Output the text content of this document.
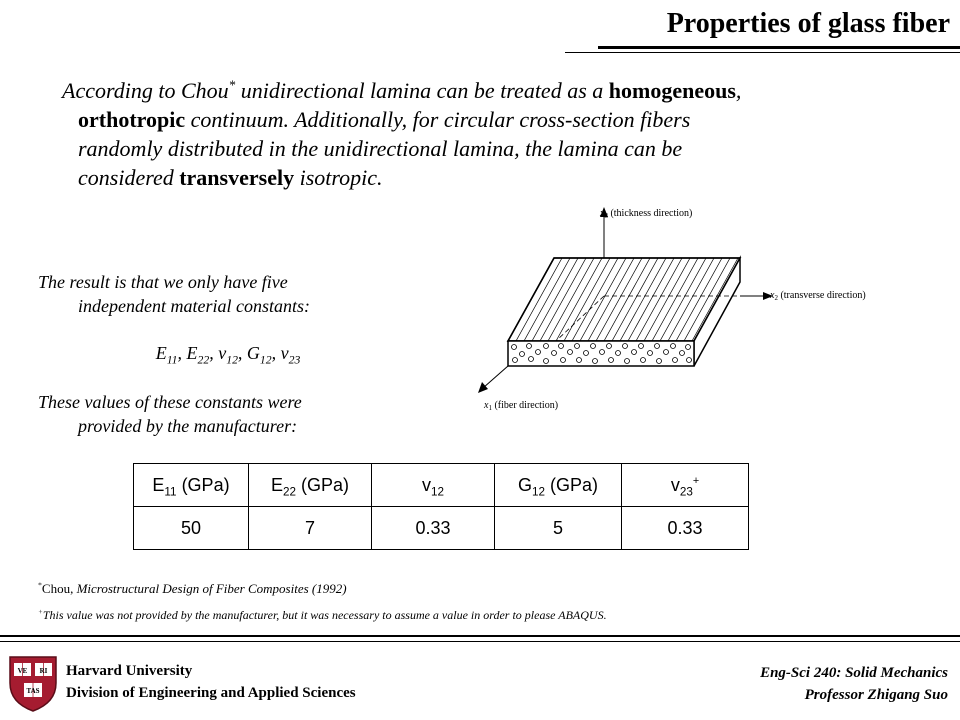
Properties of glass fiber
According to Chou* unidirectional lamina can be treated as a homogeneous,
orthotropic continuum. Additionally, for circular cross-section fibers
randomly distributed in the unidirectional lamina, the lamina can be
considered transversely isotropic.
The result is that we only have five
independent material constants:
$E_{11}$, $E_{22}$, $v_{12}$, $G_{12}$, $v_{23}$
These values of these constants were
provided by the manufacturer:
$x_3$ (thickness direction)
$x_2$ (transverse direction)
$x_1$ (fiber direction)
$E_{11}$ (GPa)	$E_{22}$ (GPa)	$v_{12}$	$G_{12}$ (GPa)	$v_{23}^+$
50	7	0.33	5	0.33
*Chou, Microstructural Design of Fiber Composites (1992)
+This value was not provided by the manufacturer, but it was necessary to assume a value in order to please ABAQUS.
VE RI
TAS
Harvard University
Division of Engineering and Applied Sciences
Eng-Sci 240: Solid Mechanics
Professor Zhigang Suo
